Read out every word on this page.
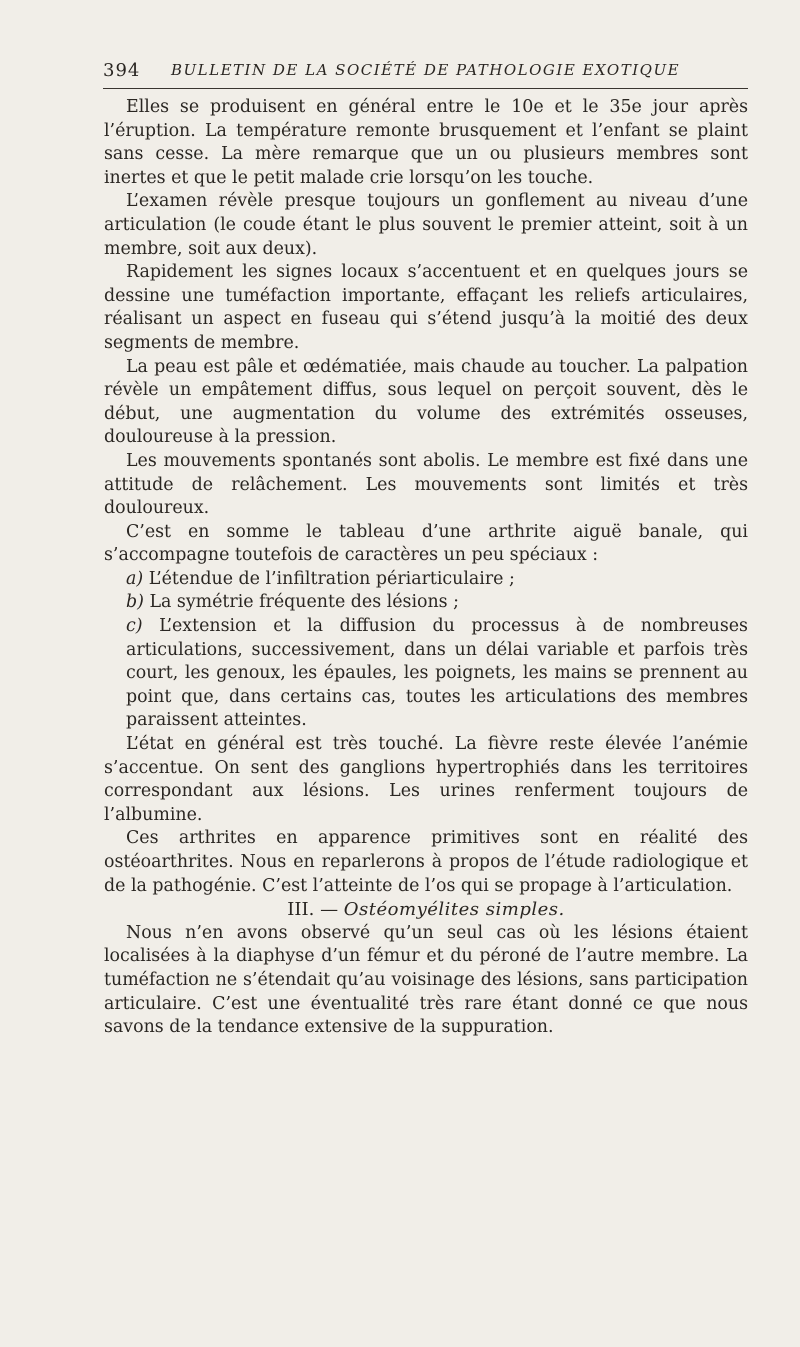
394 BULLETIN DE LA SOCIÉTÉ DE PATHOLOGIE EXOTIQUE

Elles se produisent en général entre le 10e et le 35e jour après l’éruption. La température remonte brusquement et l’enfant se plaint sans cesse. La mère remarque que un ou plusieurs membres sont inertes et que le petit malade crie lorsqu’on les touche.

L’examen révèle presque toujours un gonflement au niveau d’une articulation (le coude étant le plus souvent le premier atteint, soit à un membre, soit aux deux).

Rapidement les signes locaux s’accentuent et en quelques jours se dessine une tuméfaction importante, effaçant les reliefs articulaires, réalisant un aspect en fuseau qui s’étend jusqu’à la moitié des deux segments de membre.

La peau est pâle et œdématiée, mais chaude au toucher. La palpation révèle un empâtement diffus, sous lequel on perçoit souvent, dès le début, une augmentation du volume des extrémités osseuses, douloureuse à la pression.

Les mouvements spontanés sont abolis. Le membre est fixé dans une attitude de relâchement. Les mouvements sont limités et très douloureux.

C’est en somme le tableau d’une arthrite aiguë banale, qui s’accompagne toutefois de caractères un peu spéciaux :

a) L’étendue de l’infiltration périarticulaire ;

b) La symétrie fréquente des lésions ;

c) L’extension et la diffusion du processus à de nombreuses articulations, successivement, dans un délai variable et parfois très court, les genoux, les épaules, les poignets, les mains se prennent au point que, dans certains cas, toutes les articulations des membres paraissent atteintes.

L’état en général est très touché. La fièvre reste élevée l’anémie s’accentue. On sent des ganglions hypertrophiés dans les territoires correspondant aux lésions. Les urines renferment toujours de l’albumine.

Ces arthrites en apparence primitives sont en réalité des ostéoarthrites. Nous en reparlerons à propos de l’étude radiologique et de la pathogénie. C’est l’atteinte de l’os qui se propage à l’articulation.

III. — Ostéomyélites simples.

Nous n’en avons observé qu’un seul cas où les lésions étaient localisées à la diaphyse d’un fémur et du péroné de l’autre membre. La tuméfaction ne s’étendait qu’au voisinage des lésions, sans participation articulaire. C’est une éventualité très rare étant donné ce que nous savons de la tendance extensive de la suppuration.
